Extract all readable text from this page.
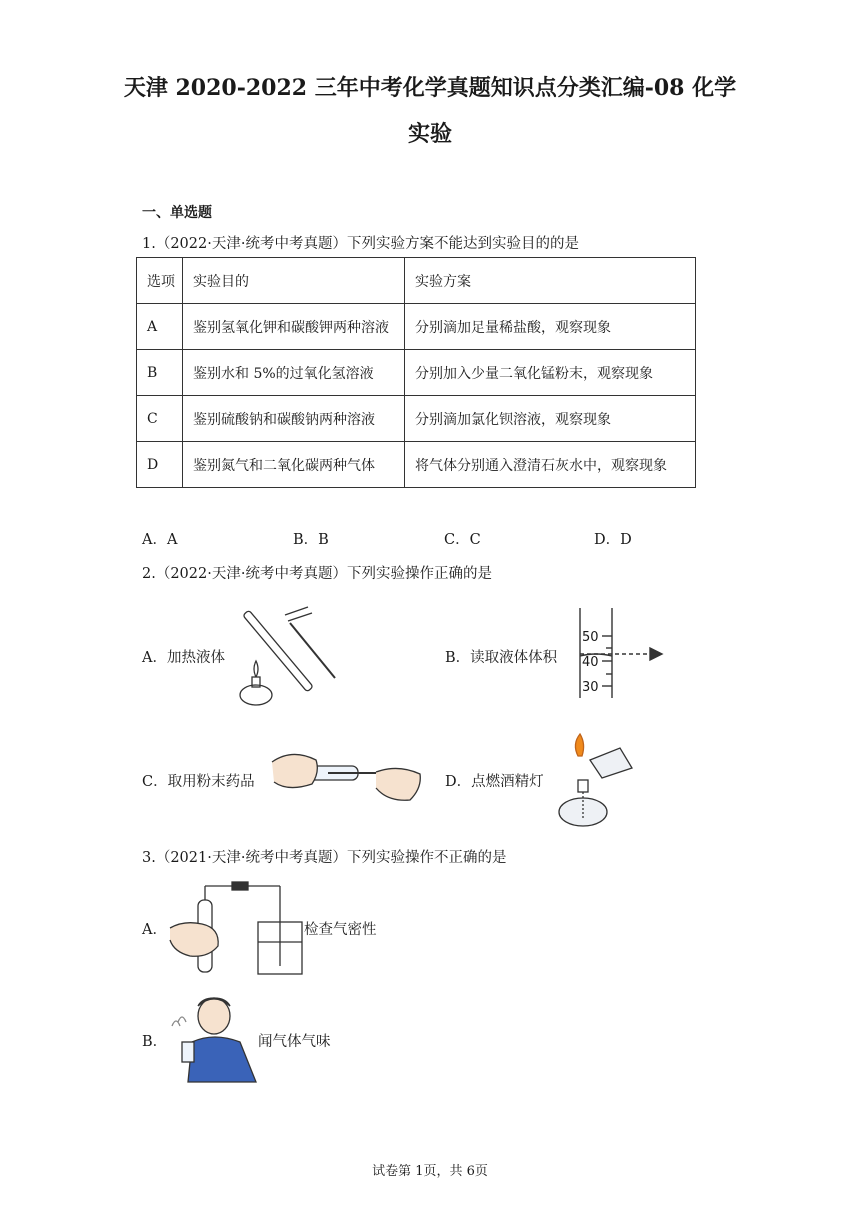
天津 2020-2022 三年中考化学真题知识点分类汇编-08 化学
实验
一、单选题
1.（2022·天津·统考中考真题）下列实验方案不能达到实验目的的是
选项	实验目的	实验方案
A	鉴别氢氧化钾和碳酸钾两种溶液	分别滴加足量稀盐酸，观察现象
B	鉴别水和 5%的过氧化氢溶液	分别加入少量二氧化锰粉末，观察现象
C	鉴别硫酸钠和碳酸钠两种溶液	分别滴加氯化钡溶液，观察现象
D	鉴别氮气和二氧化碳两种气体	将气体分别通入澄清石灰水中，观察现象
A．A	B．B	C．C	D．D
2.（2022·天津·统考中考真题）下列实验操作正确的是
A．加热液体	B．读取液体体积
50
40
30
C．取用粉末药品	D．点燃酒精灯
3.（2021·天津·统考中考真题）下列实验操作不正确的是
A．	检查气密性
B．	闻气体气味
试卷第 1页，共 6页
